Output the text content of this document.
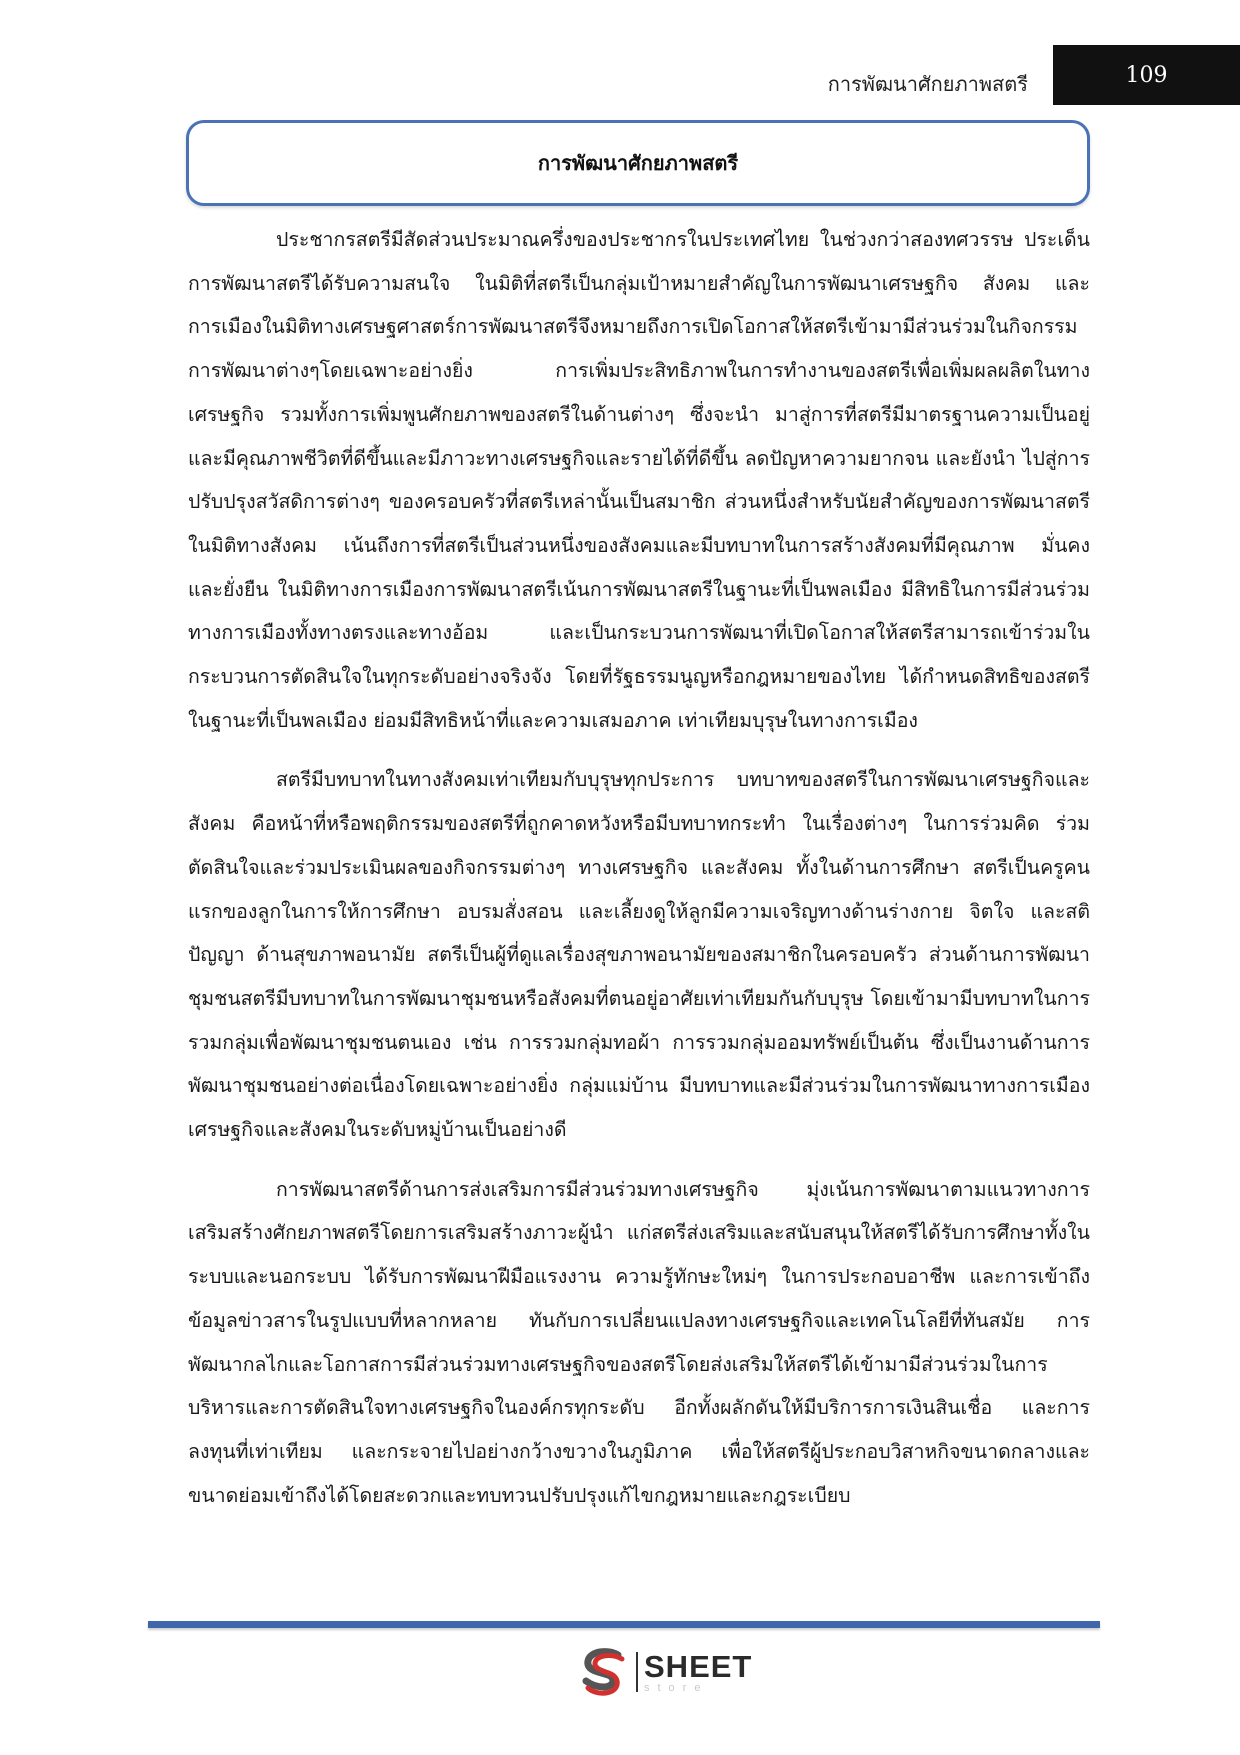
การพัฒนาศักยภาพสตรี	109
การพัฒนาศักยภาพสตรี

ประชากรสตรีมีสัดส่วนประมาณครึ่งของประชากรในประเทศไทย ในช่วงกว่าสองทศวรรษ ประเด็นการพัฒนาสตรีได้รับความสนใจ ในมิติที่สตรีเป็นกลุ่มเป้าหมายสำคัญในการพัฒนาเศรษฐกิจ สังคม และการเมืองในมิติทางเศรษฐศาสตร์การพัฒนาสตรีจึงหมายถึงการเปิดโอกาสให้สตรีเข้ามามีส่วนร่วมในกิจกรรมการพัฒนาต่างๆโดยเฉพาะอย่างยิ่ง การเพิ่มประสิทธิภาพในการทำงานของสตรีเพื่อเพิ่มผลผลิตในทางเศรษฐกิจ รวมทั้งการเพิ่มพูนศักยภาพของสตรีในด้านต่างๆ ซึ่งจะนำ มาสู่การที่สตรีมีมาตรฐานความเป็นอยู่และมีคุณภาพชีวิตที่ดีขึ้นและมีภาวะทางเศรษฐกิจและรายได้ที่ดีขึ้น ลดปัญหาความยากจน และยังนำ ไปสู่การปรับปรุงสวัสดิการต่างๆ ของครอบครัวที่สตรีเหล่านั้นเป็นสมาชิก ส่วนหนึ่งสำหรับนัยสำคัญของการพัฒนาสตรีในมิติทางสังคม เน้นถึงการที่สตรีเป็นส่วนหนึ่งของสังคมและมีบทบาทในการสร้างสังคมที่มีคุณภาพ มั่นคง และยั่งยืน ในมิติทางการเมืองการพัฒนาสตรีเน้นการพัฒนาสตรีในฐานะที่เป็นพลเมือง มีสิทธิในการมีส่วนร่วมทางการเมืองทั้งทางตรงและทางอ้อม และเป็นกระบวนการพัฒนาที่เปิดโอกาสให้สตรีสามารถเข้าร่วมในกระบวนการตัดสินใจในทุกระดับอย่างจริงจัง โดยที่รัฐธรรมนูญหรือกฎหมายของไทย ได้กำหนดสิทธิของสตรีในฐานะที่เป็นพลเมือง ย่อมมีสิทธิหน้าที่และความเสมอภาค เท่าเทียมบุรุษในทางการเมือง

สตรีมีบทบาทในทางสังคมเท่าเทียมกับบุรุษทุกประการ บทบาทของสตรีในการพัฒนาเศรษฐกิจและสังคม คือหน้าที่หรือพฤติกรรมของสตรีที่ถูกคาดหวังหรือมีบทบาทกระทำ ในเรื่องต่างๆ ในการร่วมคิด ร่วมตัดสินใจและร่วมประเมินผลของกิจกรรมต่างๆ ทางเศรษฐกิจ และสังคม ทั้งในด้านการศึกษา สตรีเป็นครูคนแรกของลูกในการให้การศึกษา อบรมสั่งสอน และเลี้ยงดูให้ลูกมีความเจริญทางด้านร่างกาย จิตใจ และสติปัญญา ด้านสุขภาพอนามัย สตรีเป็นผู้ที่ดูแลเรื่องสุขภาพอนามัยของสมาชิกในครอบครัว ส่วนด้านการพัฒนาชุมชนสตรีมีบทบาทในการพัฒนาชุมชนหรือสังคมที่ตนอยู่อาศัยเท่าเทียมกันกับบุรุษ โดยเข้ามามีบทบาทในการรวมกลุ่มเพื่อพัฒนาชุมชนตนเอง เช่น การรวมกลุ่มทอผ้า การรวมกลุ่มออมทรัพย์เป็นต้น ซึ่งเป็นงานด้านการพัฒนาชุมชนอย่างต่อเนื่องโดยเฉพาะอย่างยิ่ง กลุ่มแม่บ้าน มีบทบาทและมีส่วนร่วมในการพัฒนาทางการเมืองเศรษฐกิจและสังคมในระดับหมู่บ้านเป็นอย่างดี

การพัฒนาสตรีด้านการส่งเสริมการมีส่วนร่วมทางเศรษฐกิจ มุ่งเน้นการพัฒนาตามแนวทางการเสริมสร้างศักยภาพสตรีโดยการเสริมสร้างภาวะผู้นำ แก่สตรีส่งเสริมและสนับสนุนให้สตรีได้รับการศึกษาทั้งในระบบและนอกระบบ ได้รับการพัฒนาฝีมือแรงงาน ความรู้ทักษะใหม่ๆ ในการประกอบอาชีพ และการเข้าถึงข้อมูลข่าวสารในรูปแบบที่หลากหลาย ทันกับการเปลี่ยนแปลงทางเศรษฐกิจและเทคโนโลยีที่ทันสมัย การพัฒนากลไกและโอกาสการมีส่วนร่วมทางเศรษฐกิจของสตรีโดยส่งเสริมให้สตรีได้เข้ามามีส่วนร่วมในการบริหารและการตัดสินใจทางเศรษฐกิจในองค์กรทุกระดับ อีกทั้งผลักดันให้มีบริการการเงินสินเชื่อ และการลงทุนที่เท่าเทียม และกระจายไปอย่างกว้างขวางในภูมิภาค เพื่อให้สตรีผู้ประกอบวิสาหกิจขนาดกลางและขนาดย่อมเข้าถึงได้โดยสะดวกและทบทวนปรับปรุงแก้ไขกฎหมายและกฎระเบียบ

SHEET
store
